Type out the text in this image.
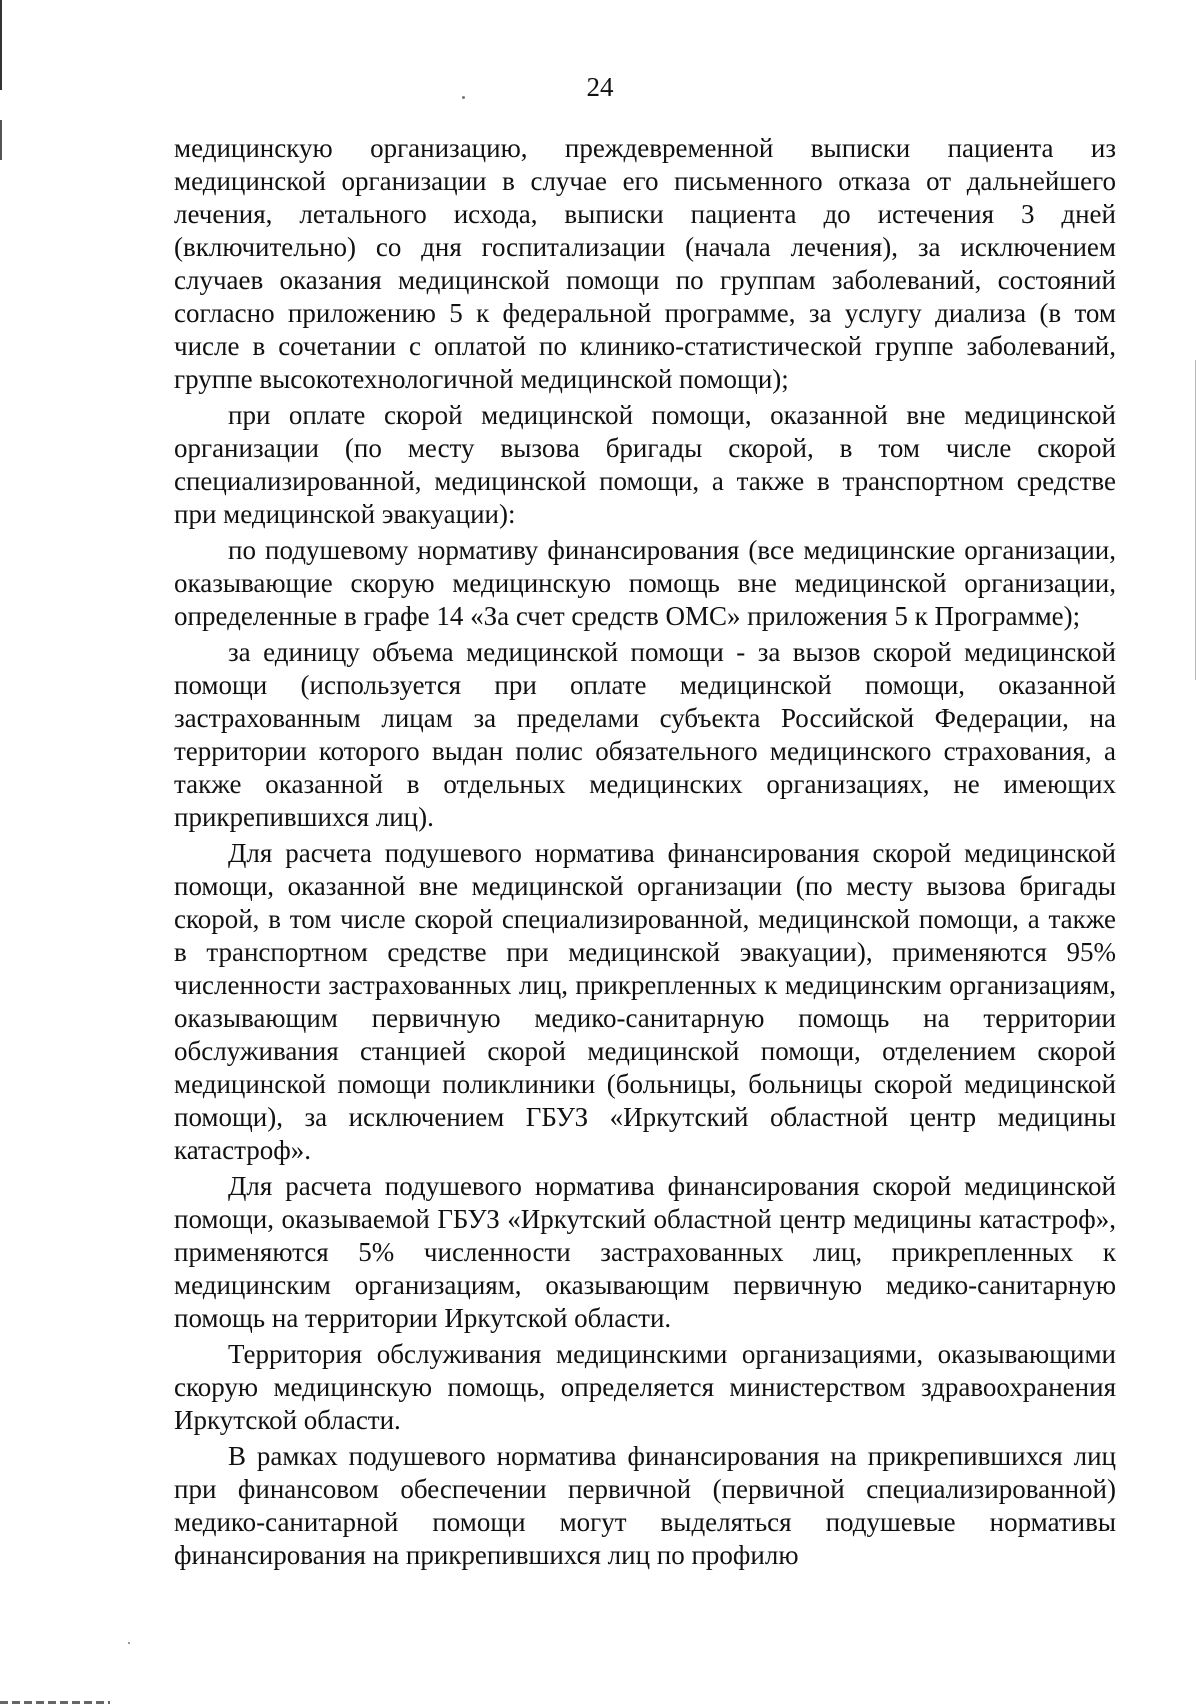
24

медицинскую организацию, преждевременной выписки пациента из медицинской организации в случае его письменного отказа от дальнейшего лечения, летального исхода, выписки пациента до истечения 3 дней (включительно) со дня госпитализации (начала лечения), за исключением случаев оказания медицинской помощи по группам заболеваний, состояний согласно приложению 5 к федеральной программе, за услугу диализа (в том числе в сочетании с оплатой по клинико-статистической группе заболеваний, группе высокотехнологичной медицинской помощи);

при оплате скорой медицинской помощи, оказанной вне медицинской организации (по месту вызова бригады скорой, в том числе скорой специализированной, медицинской помощи, а также в транспортном средстве при медицинской эвакуации):

по подушевому нормативу финансирования (все медицинские организации, оказывающие скорую медицинскую помощь вне медицинской организации, определенные в графе 14 «За счет средств ОМС» приложения 5 к Программе);

за единицу объема медицинской помощи - за вызов скорой медицинской помощи (используется при оплате медицинской помощи, оказанной застрахованным лицам за пределами субъекта Российской Федерации, на территории которого выдан полис обязательного медицинского страхования, а также оказанной в отдельных медицинских организациях, не имеющих прикрепившихся лиц).

Для расчета подушевого норматива финансирования скорой медицинской помощи, оказанной вне медицинской организации (по месту вызова бригады скорой, в том числе скорой специализированной, медицинской помощи, а также в транспортном средстве при медицинской эвакуации), применяются 95% численности застрахованных лиц, прикрепленных к медицинским организациям, оказывающим первичную медико-санитарную помощь на территории обслуживания станцией скорой медицинской помощи, отделением скорой медицинской помощи поликлиники (больницы, больницы скорой медицинской помощи), за исключением ГБУЗ «Иркутский областной центр медицины катастроф».

Для расчета подушевого норматива финансирования скорой медицинской помощи, оказываемой ГБУЗ «Иркутский областной центр медицины катастроф», применяются 5% численности застрахованных лиц, прикрепленных к медицинским организациям, оказывающим первичную медико-санитарную помощь на территории Иркутской области.

Территория обслуживания медицинскими организациями, оказывающими скорую медицинскую помощь, определяется министерством здравоохранения Иркутской области.

В рамках подушевого норматива финансирования на прикрепившихся лиц при финансовом обеспечении первичной (первичной специализированной) медико-санитарной помощи могут выделяться подушевые нормативы финансирования на прикрепившихся лиц по профилю
